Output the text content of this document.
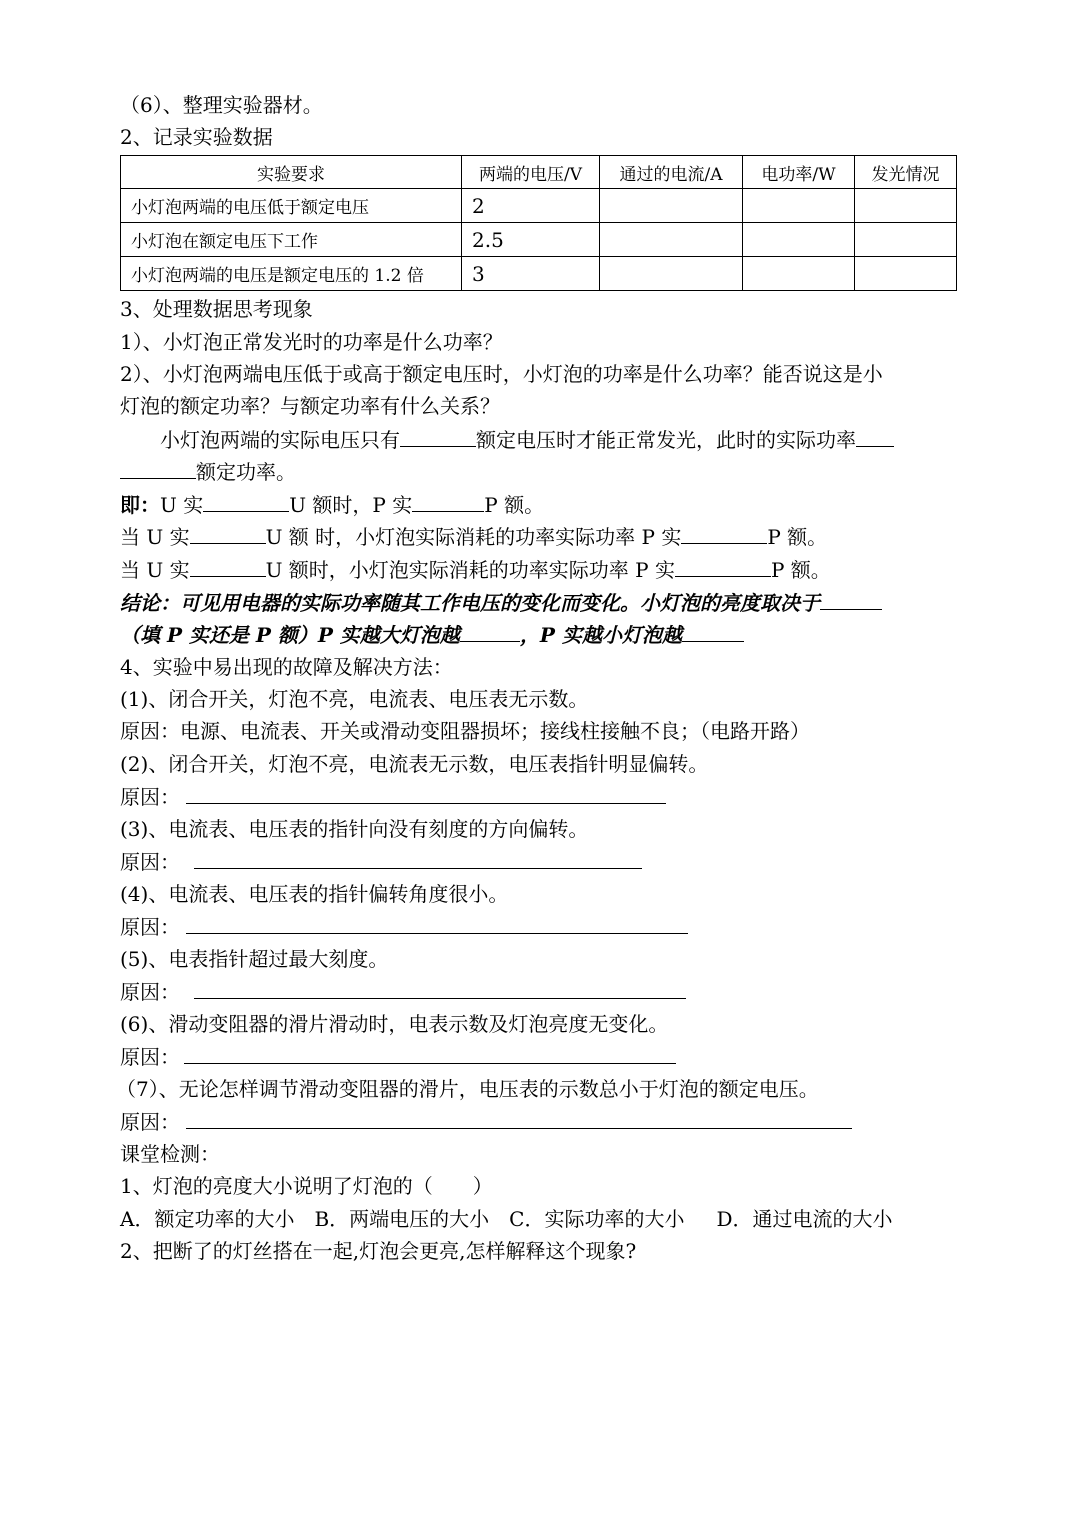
（6）、整理实验器材。
2、记录实验数据
实验要求	两端的电压/V	通过的电流/A	电功率/W	发光情况
小灯泡两端的电压低于额定电压	2			
小灯泡在额定电压下工作	2.5			
小灯泡两端的电压是额定电压的 1.2 倍	3			
3、处理数据思考现象
1）、小灯泡正常发光时的功率是什么功率？
2）、小灯泡两端电压低于或高于额定电压时，小灯泡的功率是什么功率？能否说这是小
灯泡的额定功率？与额定功率有什么关系？
小灯泡两端的实际电压只有	额定电压时才能正常发光，此时的实际功率
额定功率。
即：U 实	U 额时，P 实	P 额。
当 U 实	U 额 时，小灯泡实际消耗的功率实际功率 P 实	P 额。
当 U 实	U 额时，小灯泡实际消耗的功率实际功率 P 实	P 额。
结论：可见用电器的实际功率随其工作电压的变化而变化。小灯泡的亮度取决于
（填 P 实还是 P 额）P 实越大灯泡越	，P 实越小灯泡越
4、实验中易出现的故障及解决方法：
(1)、闭合开关，灯泡不亮，电流表、电压表无示数。
原因：电源、电流表、开关或滑动变阻器损坏；接线柱接触不良；（电路开路）
(2)、闭合开关，灯泡不亮，电流表无示数，电压表指针明显偏转。
原因：
(3)、电流表、电压表的指针向没有刻度的方向偏转。
原因：
(4)、电流表、电压表的指针偏转角度很小。
原因：
(5)、电表指针超过最大刻度。
原因：
(6)、滑动变阻器的滑片滑动时，电表示数及灯泡亮度无变化。
原因：
（7）、无论怎样调节滑动变阻器的滑片，电压表的示数总小于灯泡的额定电压。
原因：
课堂检测：
1、灯泡的亮度大小说明了灯泡的（　　）
A．额定功率的大小 B．两端电压的大小 C．实际功率的大小 D．通过电流的大小
2、把断了的灯丝搭在一起,灯泡会更亮,怎样解释这个现象?
